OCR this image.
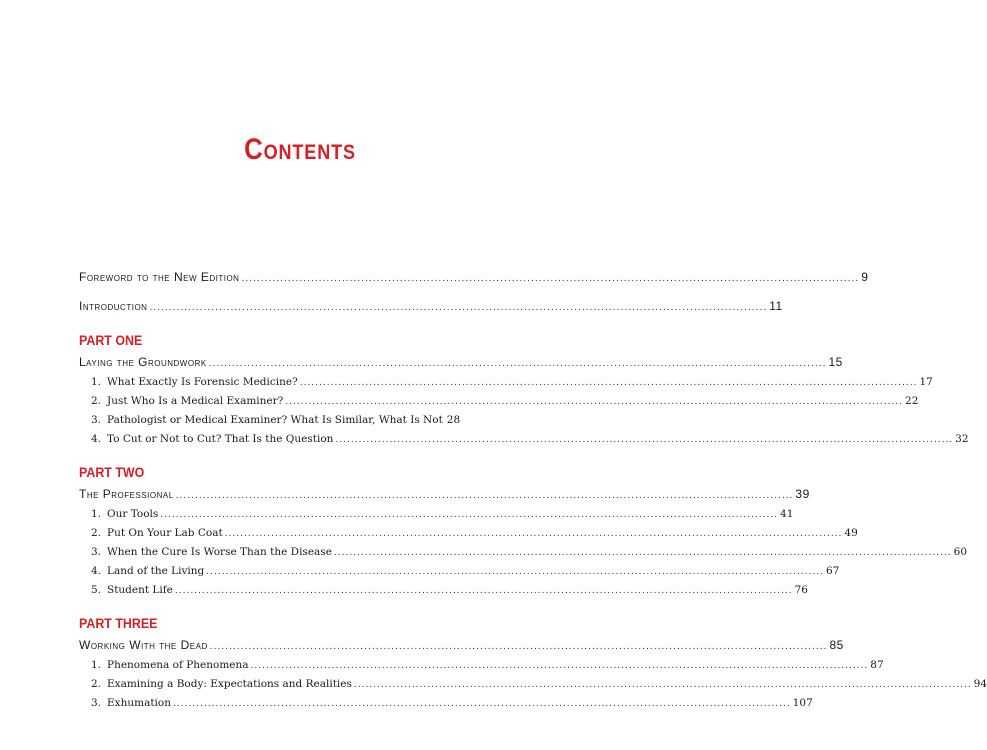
Contents
Foreword to the New Edition .....	9
Introduction .....	11
PART ONE
Laying the Groundwork .....	15
1. What Exactly Is Forensic Medicine? .....	17
2. Just Who Is a Medical Examiner? .....	22
3. Pathologist or Medical Examiner? What Is Similar, What Is Not 28
4. To Cut or Not to Cut? That Is the Question .....	32
PART TWO
The Professional .....	39
1. Our Tools .....	41
2. Put On Your Lab Coat .....	49
3. When the Cure Is Worse Than the Disease .....	60
4. Land of the Living .....	67
5. Student Life .....	76
PART THREE
Working With the Dead .....	85
1. Phenomena of Phenomena .....	87
2. Examining a Body: Expectations and Realities .....	94
3. Exhumation .....	107
